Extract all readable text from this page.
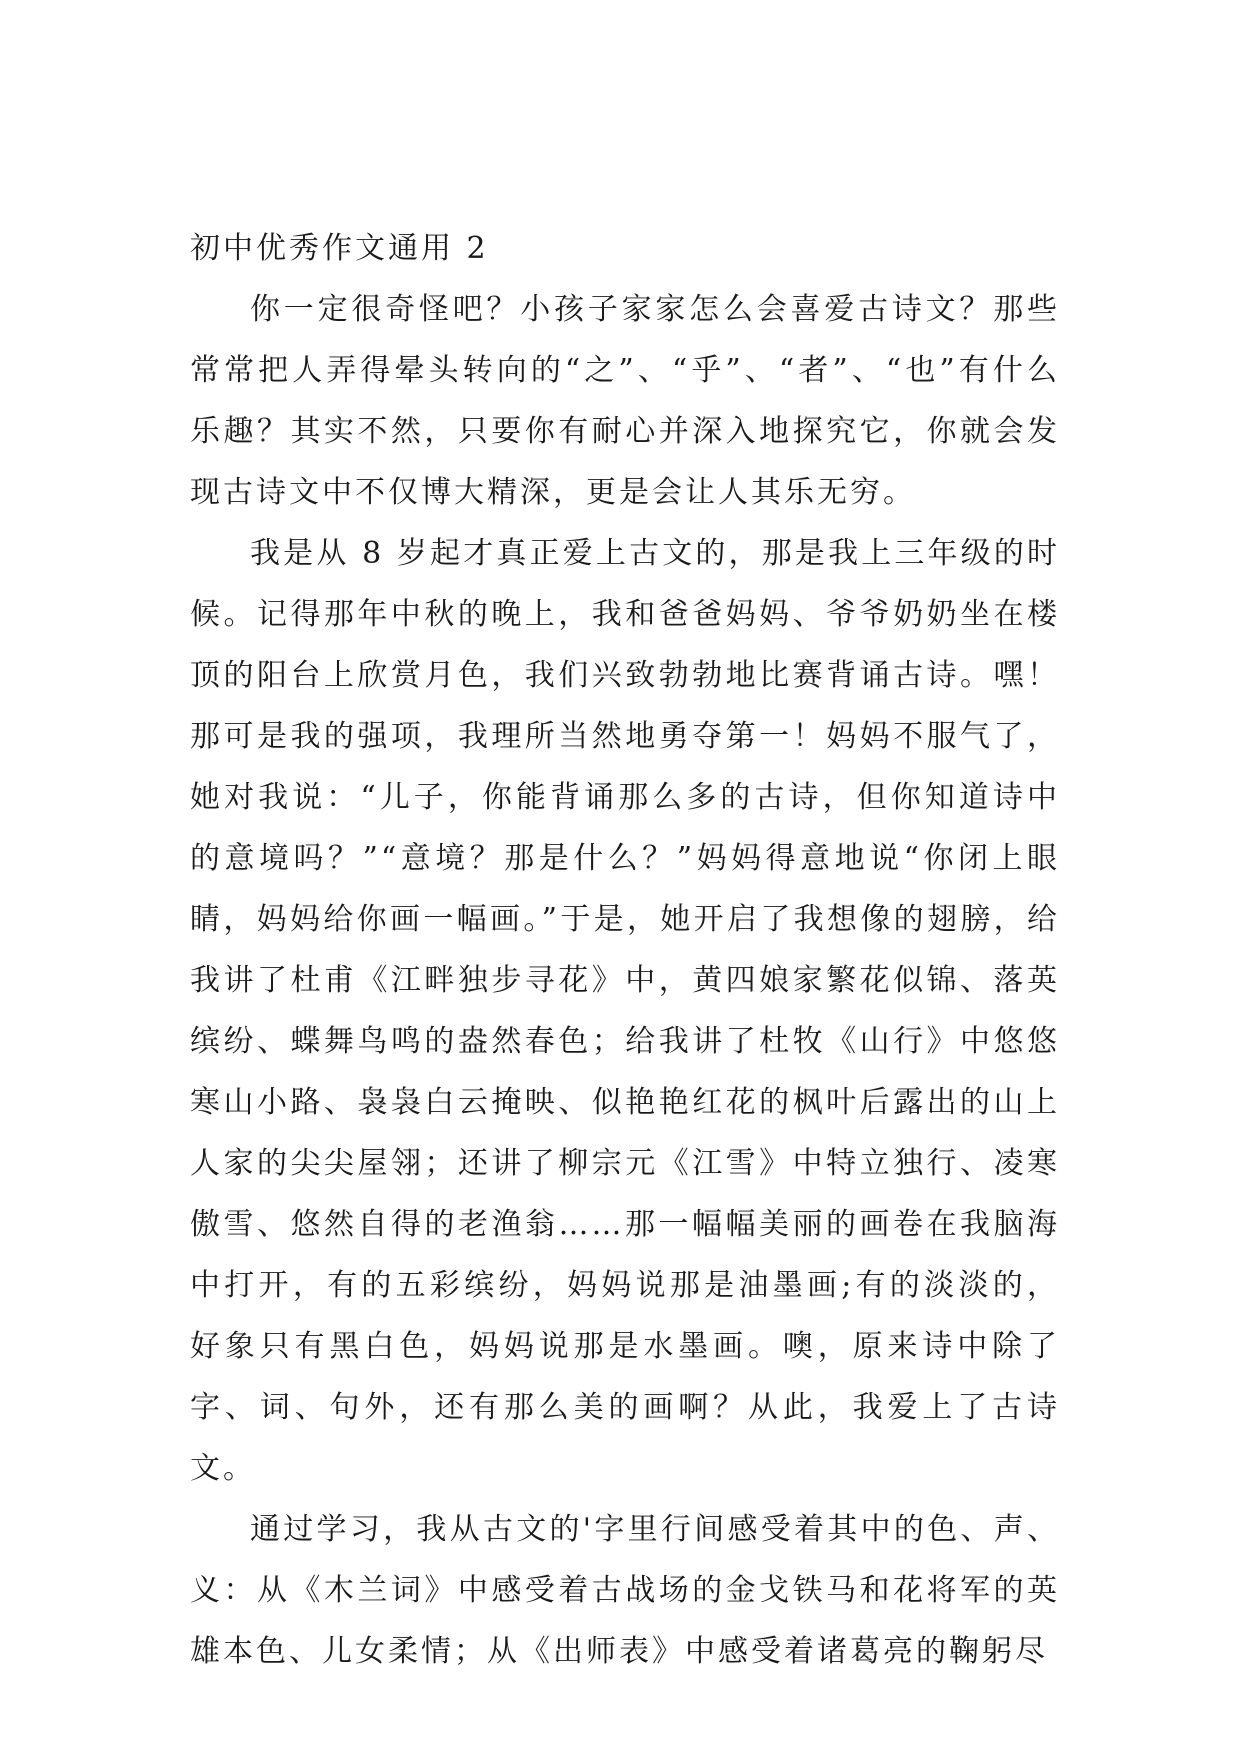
初中优秀作文通用 2

你一定很奇怪吧？小孩子家家怎么会喜爱古诗文？那些常常把人弄得晕头转向的“之”、“乎”、“者”、“也”有什么乐趣？其实不然，只要你有耐心并深入地探究它，你就会发现古诗文中不仅博大精深，更是会让人其乐无穷。

我是从 8 岁起才真正爱上古文的，那是我上三年级的时候。记得那年中秋的晚上，我和爸爸妈妈、爷爷奶奶坐在楼顶的阳台上欣赏月色，我们兴致勃勃地比赛背诵古诗。嘿！那可是我的强项，我理所当然地勇夺第一！妈妈不服气了，她对我说：“儿子，你能背诵那么多的古诗，但你知道诗中的意境吗？”“意境？那是什么？”妈妈得意地说“你闭上眼睛，妈妈给你画一幅画。”于是，她开启了我想像的翅膀，给我讲了杜甫《江畔独步寻花》中，黄四娘家繁花似锦、落英缤纷、蝶舞鸟鸣的盎然春色；给我讲了杜牧《山行》中悠悠寒山小路、袅袅白云掩映、似艳艳红花的枫叶后露出的山上人家的尖尖屋翎；还讲了柳宗元《江雪》中特立独行、凌寒傲雪、悠然自得的老渔翁……那一幅幅美丽的画卷在我脑海中打开，有的五彩缤纷，妈妈说那是油墨画;有的淡淡的，好象只有黑白色，妈妈说那是水墨画。噢，原来诗中除了字、词、句外，还有那么美的画啊？从此，我爱上了古诗文。

通过学习，我从古文的'字里行间感受着其中的色、声、义：从《木兰词》中感受着古战场的金戈铁马和花将军的英雄本色、儿女柔情；从《出师表》中感受着诸葛亮的鞠躬尽
